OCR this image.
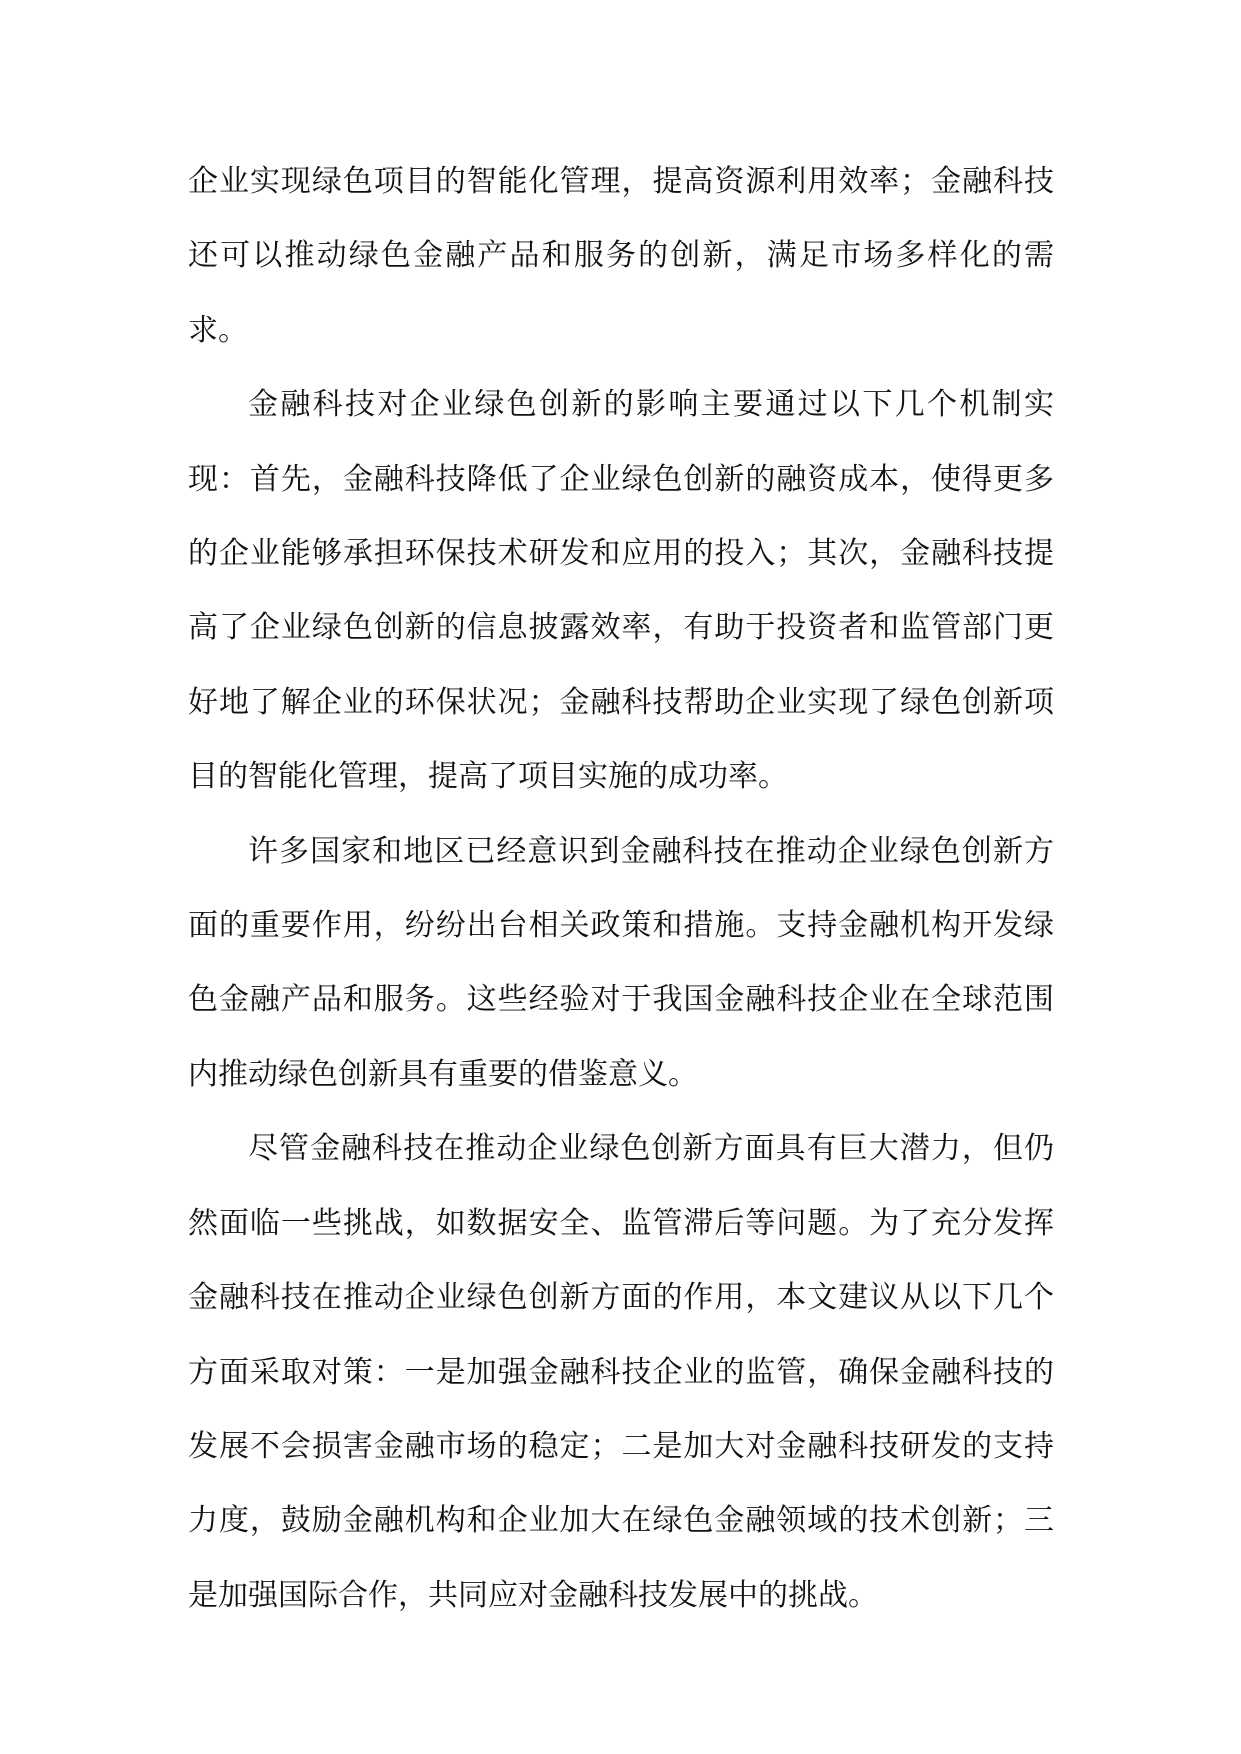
企业实现绿色项目的智能化管理，提高资源利用效率；金融科技还可以推动绿色金融产品和服务的创新，满足市场多样化的需求。

金融科技对企业绿色创新的影响主要通过以下几个机制实现：首先，金融科技降低了企业绿色创新的融资成本，使得更多的企业能够承担环保技术研发和应用的投入；其次，金融科技提高了企业绿色创新的信息披露效率，有助于投资者和监管部门更好地了解企业的环保状况；金融科技帮助企业实现了绿色创新项目的智能化管理，提高了项目实施的成功率。

许多国家和地区已经意识到金融科技在推动企业绿色创新方面的重要作用，纷纷出台相关政策和措施。支持金融机构开发绿色金融产品和服务。这些经验对于我国金融科技企业在全球范围内推动绿色创新具有重要的借鉴意义。

尽管金融科技在推动企业绿色创新方面具有巨大潜力，但仍然面临一些挑战，如数据安全、监管滞后等问题。为了充分发挥金融科技在推动企业绿色创新方面的作用，本文建议从以下几个方面采取对策：一是加强金融科技企业的监管，确保金融科技的发展不会损害金融市场的稳定；二是加大对金融科技研发的支持力度，鼓励金融机构和企业加大在绿色金融领域的技术创新；三是加强国际合作，共同应对金融科技发展中的挑战。
